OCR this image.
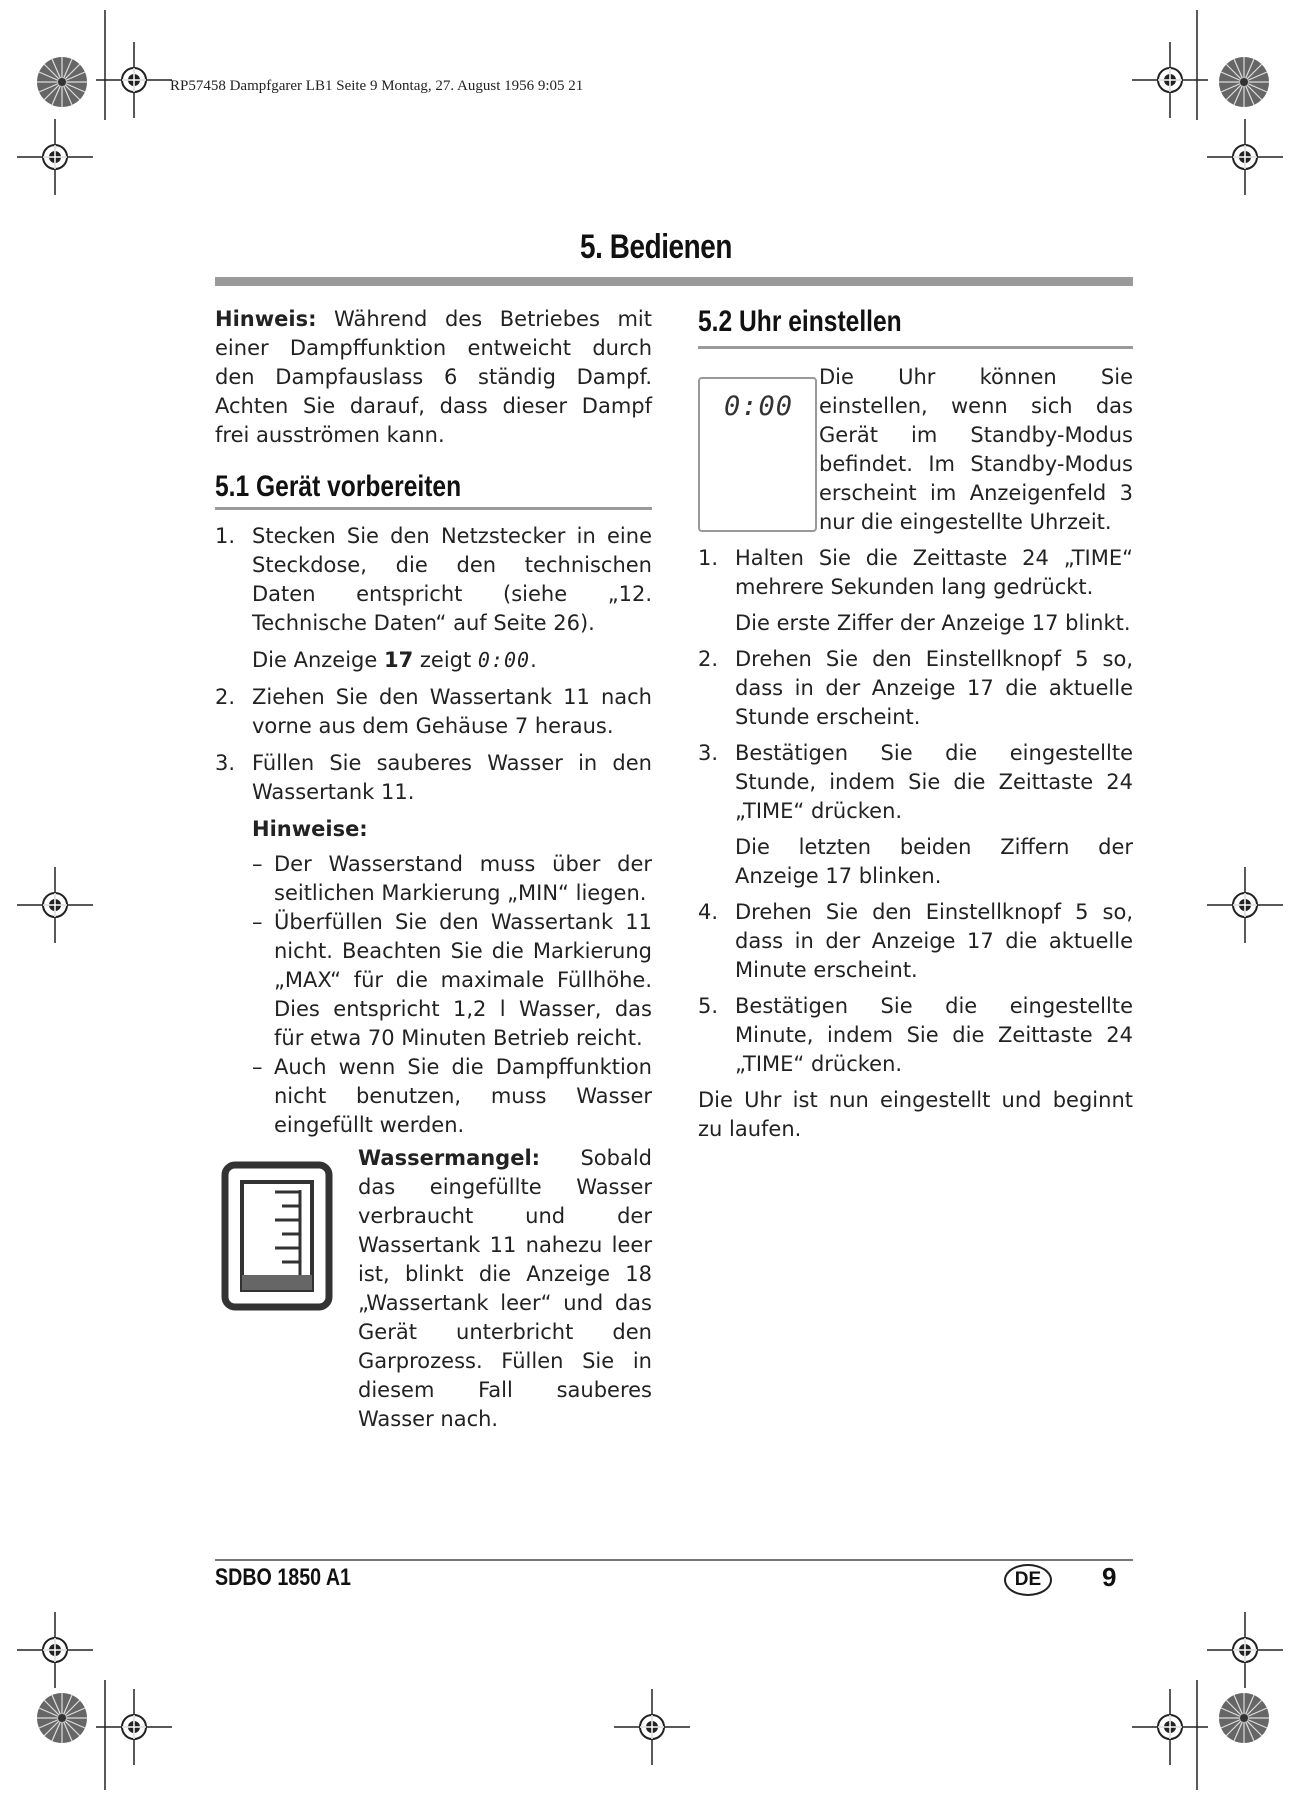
RP57458 Dampfgarer LB1 Seite 9 Montag, 27. August 1956 9:05 21
5. Bedienen

Hinweis: Während des Betriebes mit einer Dampffunktion entweicht durch den Dampfauslass 6 ständig Dampf. Achten Sie darauf, dass dieser Dampf frei ausströmen kann.

5.1 Gerät vorbereiten
1. Stecken Sie den Netzstecker in eine Steckdose, die den technischen Daten entspricht (siehe „12. Technische Daten“ auf Seite 26).

Die Anzeige 17 zeigt 0:00.

2. Ziehen Sie den Wassertank 11 nach vorne aus dem Gehäuse 7 heraus.
3. Füllen Sie sauberes Wasser in den Wassertank 11.
Hinweise:
– Der Wasserstand muss über der seitlichen Markierung „MIN“ liegen.
– Überfüllen Sie den Wassertank 11 nicht. Beachten Sie die Markierung „MAX“ für die maximale Füllhöhe. Dies entspricht 1,2 l Wasser, das für etwa 70 Minuten Betrieb reicht.
– Auch wenn Sie die Dampffunktion nicht benutzen, muss Wasser eingefüllt werden.
Wassermangel: Sobald das eingefüllte Wasser verbraucht und der Wassertank 11 nahezu leer ist, blinkt die Anzeige 18 „Wassertank leer“ und das Gerät unterbricht den Garprozess. Füllen Sie in diesem Fall sauberes Wasser nach.
5.2 Uhr einstellen
0:00
Die Uhr können Sie einstellen, wenn sich das Gerät im Standby-Modus befindet. Im Standby-Modus erscheint im Anzeigenfeld 3 nur die eingestellte Uhrzeit.
1. Halten Sie die Zeittaste 24 „TIME“ mehrere Sekunden lang gedrückt.

Die erste Ziffer der Anzeige 17 blinkt.

2. Drehen Sie den Einstellknopf 5 so, dass in der Anzeige 17 die aktuelle Stunde erscheint.
3. Bestätigen Sie die eingestellte Stunde, indem Sie die Zeittaste 24 „TIME“ drücken.

Die letzten beiden Ziffern der Anzeige 17 blinken.

4. Drehen Sie den Einstellknopf 5 so, dass in der Anzeige 17 die aktuelle Minute erscheint.
5. Bestätigen Sie die eingestellte Minute, indem Sie die Zeittaste 24 „TIME“ drücken.

Die Uhr ist nun eingestellt und beginnt zu laufen.

SDBO 1850 A1	DE	9
